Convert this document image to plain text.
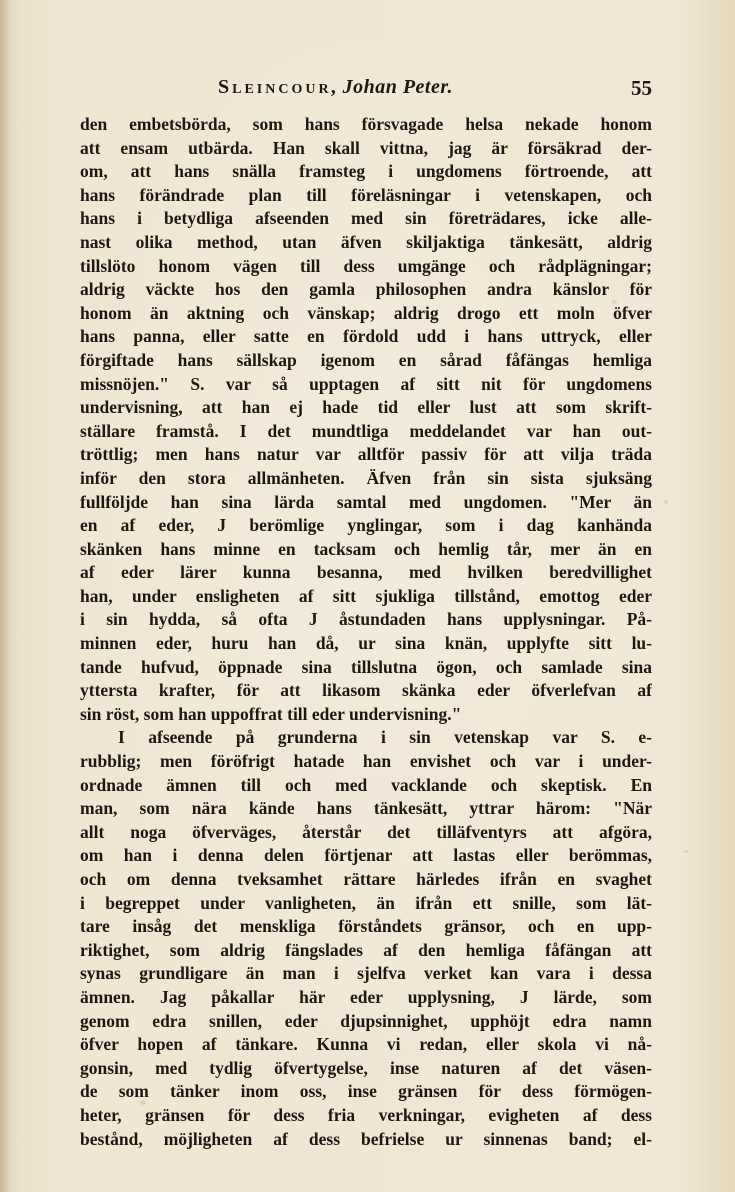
Sleincour, Johan Peter.	55
den embetsbörda, som hans försvagade helsa nekade honom
att ensam utbärda. Han skall vittna, jag är försäkrad der-
om, att hans snälla framsteg i ungdomens förtroende, att
hans förändrade plan till föreläsningar i vetenskapen, och
hans i betydliga afseenden med sin företrädares, icke alle-
nast olika method, utan äfven skiljaktiga tänkesätt, aldrig
tillslöto honom vägen till dess umgänge och rådplägningar;
aldrig väckte hos den gamla philosophen andra känslor för
honom än aktning och vänskap; aldrig drogo ett moln öfver
hans panna, eller satte en fördold udd i hans uttryck, eller
förgiftade hans sällskap igenom en sårad fåfängas hemliga
missnöjen." S. var så upptagen af sitt nit för ungdomens
undervisning, att han ej hade tid eller lust att som skrift-
ställare framstå. I det mundtliga meddelandet var han out-
tröttlig; men hans natur var alltför passiv för att vilja träda
inför den stora allmänheten. Äfven från sin sista sjuksäng
fullföljde han sina lärda samtal med ungdomen. "Mer än
en af eder, J berömlige ynglingar, som i dag kanhända
skänken hans minne en tacksam och hemlig tår, mer än en
af eder lärer kunna besanna, med hvilken beredvillighet
han, under ensligheten af sitt sjukliga tillstånd, emottog eder
i sin hydda, så ofta J åstundaden hans upplysningar. På-
minnen eder, huru han då, ur sina knän, upplyfte sitt lu-
tande hufvud, öppnade sina tillslutna ögon, och samlade sina
yttersta krafter, för att likasom skänka eder öfverlefvan af
sin röst, som han uppoffrat till eder undervisning."
I afseende på grunderna i sin vetenskap var S. e-
rubblig; men föröfrigt hatade han envishet och var i under-
ordnade ämnen till och med vacklande och skeptisk. En
man, som nära kände hans tänkesätt, yttrar härom: "När
allt noga öfverväges, återstår det tilläfventyrs att afgöra,
om han i denna delen förtjenar att lastas eller berömmas,
och om denna tveksamhet rättare härledes ifrån en svaghet
i begreppet under vanligheten, än ifrån ett snille, som lät-
tare insåg det menskliga förståndets gränsor, och en upp-
riktighet, som aldrig fängslades af den hemliga fåfängan att
synas grundligare än man i sjelfva verket kan vara i dessa
ämnen. Jag påkallar här eder upplysning, J lärde, som
genom edra snillen, eder djupsinnighet, upphöjt edra namn
öfver hopen af tänkare. Kunna vi redan, eller skola vi nå-
gonsin, med tydlig öfvertygelse, inse naturen af det väsen-
de som tänker inom oss, inse gränsen för dess förmögen-
heter, gränsen för dess fria verkningar, evigheten af dess
bestånd, möjligheten af dess befrielse ur sinnenas band; el-
